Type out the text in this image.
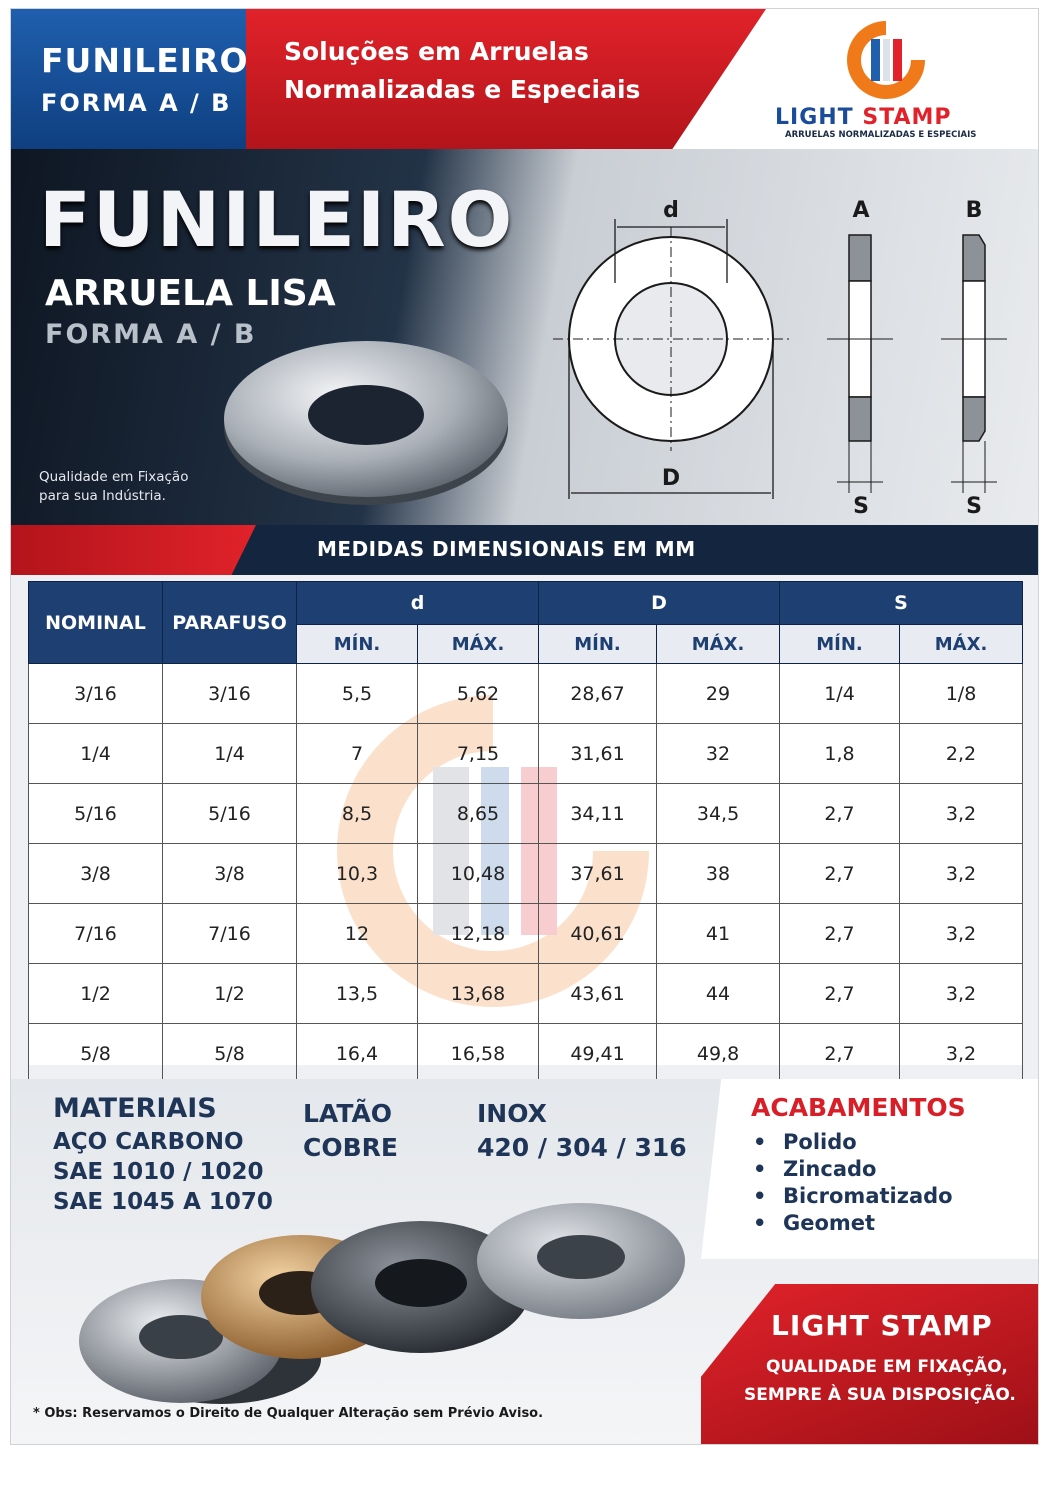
FUNILEIRO
FORMA A / B
Soluções em Arruelas
Normalizadas e Especiais
LIGHT STAMP
ARRUELAS NORMALIZADAS E ESPECIAIS
FUNILEIRO
ARRUELA LISA
FORMA A / B
Qualidade em Fixação
para sua Indústria.
d
D
A
S
B
S
MEDIDAS DIMENSIONAIS EM MM
NOMINAL	PARAFUSO	d		D		S	
		MÍN.	MÁX.	MÍN.	MÁX.	MÍN.	MÁX.
3/16	3/16	5,5	5,62	28,67	29	1/4	1/8
1/4	1/4	7	7,15	31,61	32	1,8	2,2
5/16	5/16	8,5	8,65	34,11	34,5	2,7	3,2
3/8	3/8	10,3	10,48	37,61	38	2,7	3,2
7/16	7/16	12	12,18	40,61	41	2,7	3,2
1/2	1/2	13,5	13,68	43,61	44	2,7	3,2
5/8	5/8	16,4	16,58	49,41	49,8	2,7	3,2
MATERIAIS
AÇO CARBONO
SAE 1010 / 1020
SAE 1045 A 1070
LATÃO
COBRE
INOX
420 / 304 / 316
ACABAMENTOS
• Polido
• Zincado
• Bicromatizado
• Geomet
LIGHT STAMP
QUALIDADE EM FIXAÇÃO,
SEMPRE À SUA DISPOSIÇÃO.
* Obs: Reservamos o Direito de Qualquer Alteração sem Prévio Aviso.
